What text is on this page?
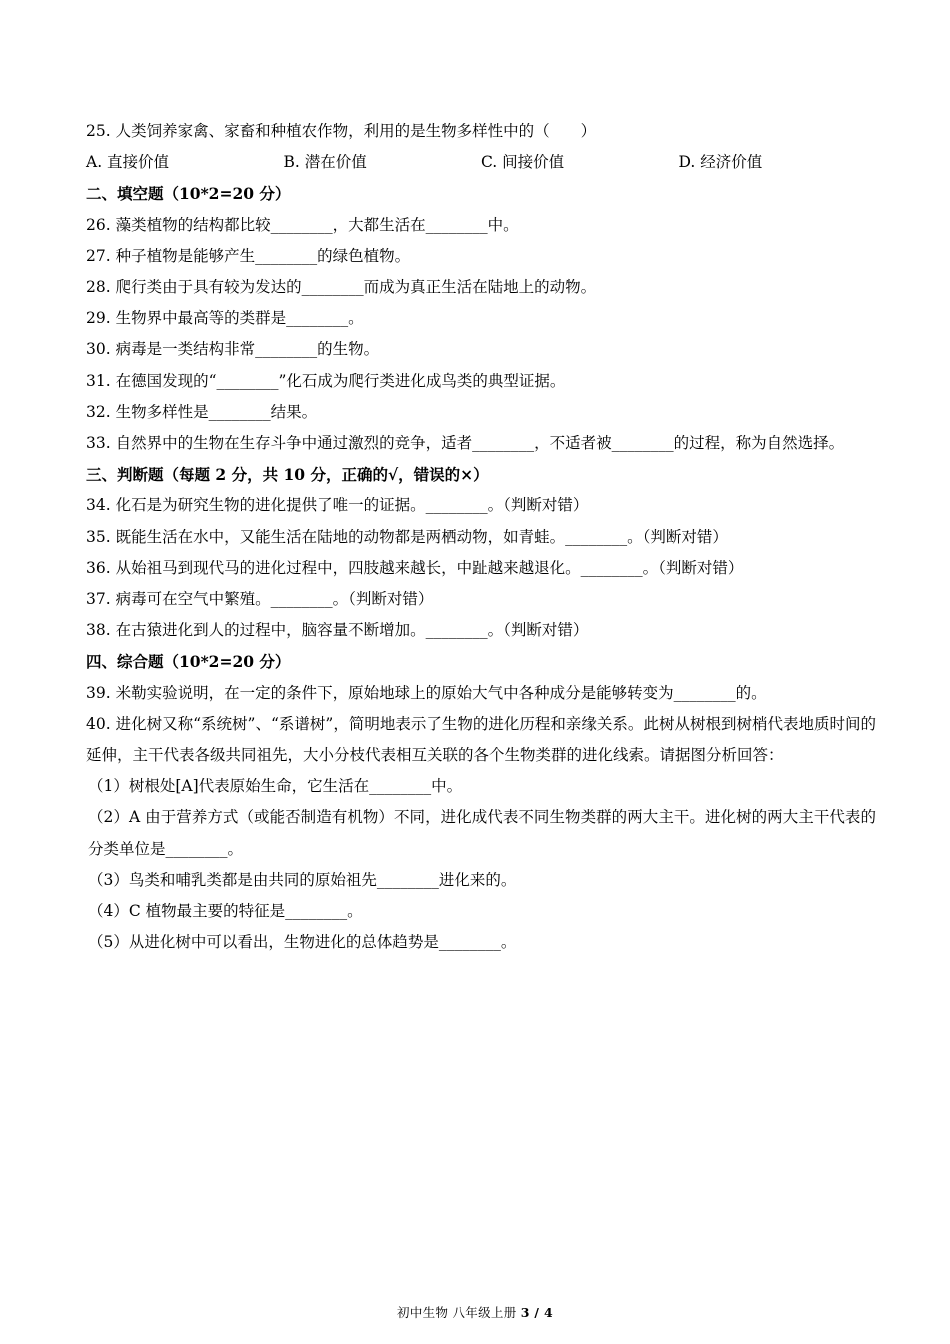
25. 人类饲养家禽、家畜和种植农作物，利用的是生物多样性中的（　　）
A. 直接价值	B. 潜在价值	C. 间接价值	D. 经济价值
二、填空题（10*2=20 分）
26. 藻类植物的结构都比较________，大都生活在________中。
27. 种子植物是能够产生________的绿色植物。
28. 爬行类由于具有较为发达的________而成为真正生活在陆地上的动物。
29. 生物界中最高等的类群是________。
30. 病毒是一类结构非常________的生物。
31. 在德国发现的“________”化石成为爬行类进化成鸟类的典型证据。
32. 生物多样性是________结果。
33. 自然界中的生物在生存斗争中通过激烈的竞争，适者________，不适者被________的过程，称为自然选择。
三、判断题（每题 2 分，共 10 分，正确的√，错误的×）
34. 化石是为研究生物的进化提供了唯一的证据。________。（判断对错）
35. 既能生活在水中，又能生活在陆地的动物都是两栖动物，如青蛙。________。（判断对错）
36. 从始祖马到现代马的进化过程中，四肢越来越长，中趾越来越退化。________。（判断对错）
37. 病毒可在空气中繁殖。________。（判断对错）
38. 在古猿进化到人的过程中，脑容量不断增加。________。（判断对错）
四、综合题（10*2=20 分）
39. 米勒实验说明，在一定的条件下，原始地球上的原始大气中各种成分是能够转变为________的。
40. 进化树又称“系统树”、“系谱树”，简明地表示了生物的进化历程和亲缘关系。此树从树根到树梢代表地质时间的延伸，主干代表各级共同祖先，大小分枝代表相互关联的各个生物类群的进化线索。请据图分析回答：
（1）树根处[A]代表原始生命，它生活在________中。
（2）A 由于营养方式（或能否制造有机物）不同，进化成代表不同生物类群的两大主干。进化树的两大主干代表的分类单位是________。
（3）鸟类和哺乳类都是由共同的原始祖先________进化来的。
（4）C 植物最主要的特征是________。
（5）从进化树中可以看出，生物进化的总体趋势是________。
初中生物 八年级上册 3 / 4
